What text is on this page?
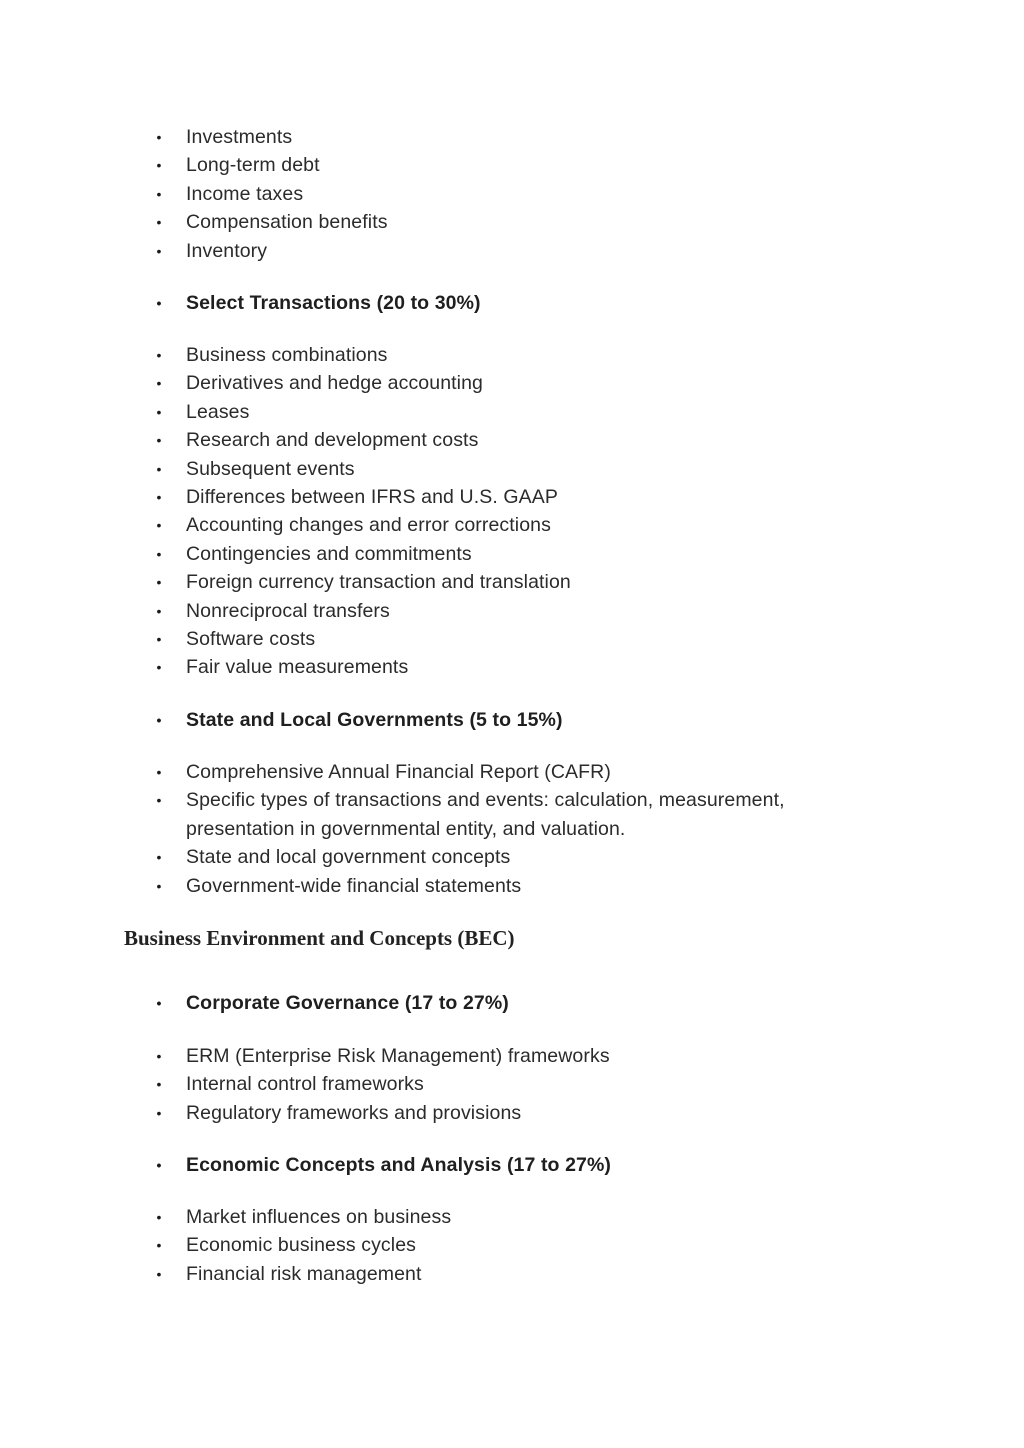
• Investments
• Long-term debt
• Income taxes
• Compensation benefits
• Inventory
• Select Transactions (20 to 30%)
• Business combinations
• Derivatives and hedge accounting
• Leases
• Research and development costs
• Subsequent events
• Differences between IFRS and U.S. GAAP
• Accounting changes and error corrections
• Contingencies and commitments
• Foreign currency transaction and translation
• Nonreciprocal transfers
• Software costs
• Fair value measurements
• State and Local Governments (5 to 15%)
• Comprehensive Annual Financial Report (CAFR)
• Specific types of transactions and events: calculation, measurement, presentation in governmental entity, and valuation.
• State and local government concepts
• Government-wide financial statements
Business Environment and Concepts (BEC)
• Corporate Governance (17 to 27%)
• ERM (Enterprise Risk Management) frameworks
• Internal control frameworks
• Regulatory frameworks and provisions
• Economic Concepts and Analysis (17 to 27%)
• Market influences on business
• Economic business cycles
• Financial risk management
